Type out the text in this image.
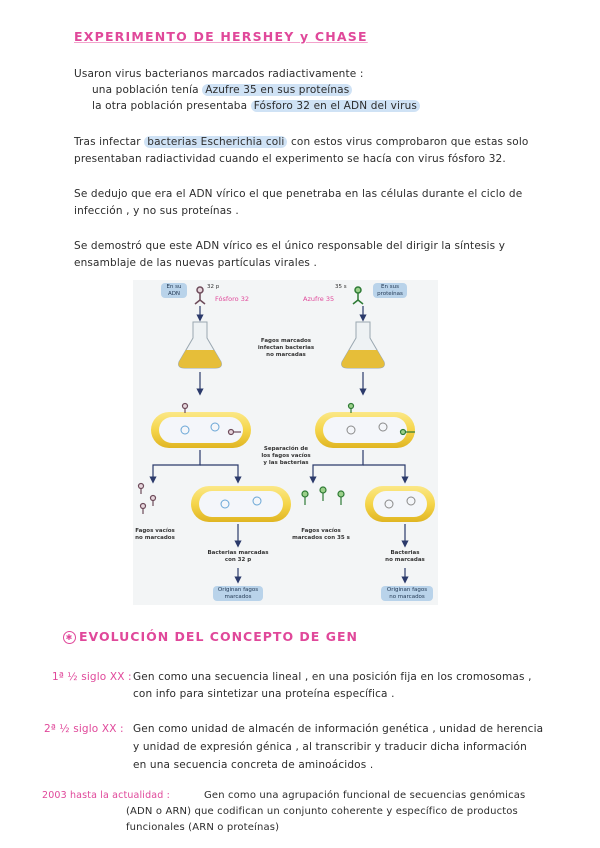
EXPERIMENTO DE HERSHEY y CHASE
Usaron virus bacterianos marcados radiactivamente :
una población tenía Azufre 35 en sus proteínas
la otra población presentaba Fósforo 32 en el ADN del virus
Tras infectar bacterias Escherichia coli con estos virus comprobaron que estas solo
presentaban radiactividad cuando el experimento se hacía con virus fósforo 32.
Se dedujo que era el ADN vírico el que penetraba en las células durante el ciclo de
infección , y no sus proteínas .
Se demostró que este ADN vírico es el único responsable del dirigir la síntesis y
ensamblaje de las nuevas partículas virales .
En su
ADN
32 p
Fósforo 32
35 s	En sus
proteínas
Azufre 35
Fagos marcados
infectan bacterias
no marcadas
Separación de
los fagos vacíos
y las bacterias
Fagos vacíos
no marcados
Fagos vacíos
marcados con 35 s
Bacterias marcadas
con 32 p
Bacterias
no marcadas
Originan fagos
marcados
Originan fagos
no marcados
✱ EVOLUCIÓN DEL CONCEPTO DE GEN
1ª ½ siglo XX : Gen como una secuencia lineal , en una posición fija en los cromosomas ,
con info para sintetizar una proteína específica .
2ª ½ siglo XX : Gen como unidad de almacén de información genética , unidad de herencia
y unidad de expresión génica , al transcribir y traducir dicha información
en una secuencia concreta de aminoácidos .
2003 hasta la actualidad :	Gen como una agrupación funcional de secuencias genómicas
(ADN o ARN) que codifican un conjunto coherente y específico de productos
funcionales (ARN o proteínas)
